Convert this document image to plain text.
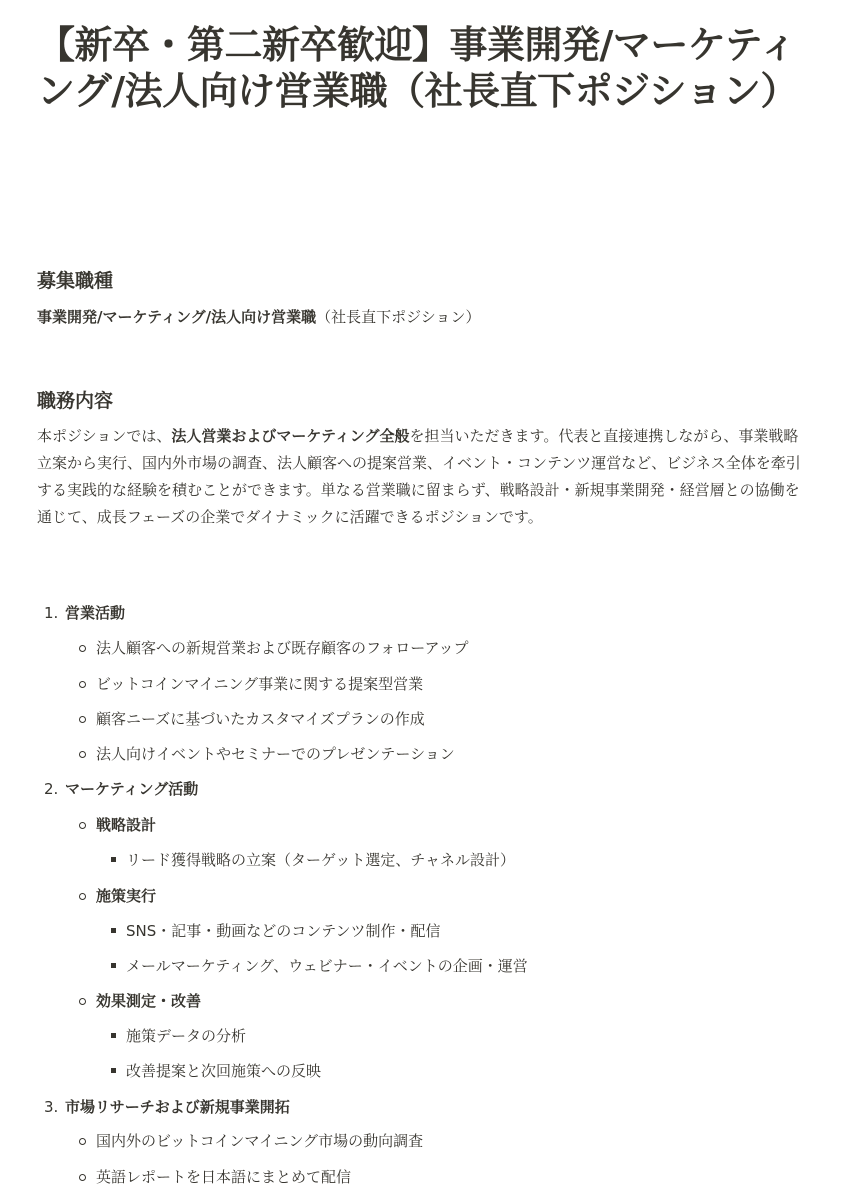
【新卒・第二新卒歓迎】事業開発/マーケティング/法人向け営業職（社長直下ポジション）
募集職種
事業開発/マーケティング/法人向け営業職（社長直下ポジション）
職務内容
本ポジションでは、法人営業およびマーケティング全般を担当いただきます。代表と直接連携しながら、事業戦略立案から実行、国内外市場の調査、法人顧客への提案営業、イベント・コンテンツ運営など、ビジネス全体を牽引する実践的な経験を積むことができます。単なる営業職に留まらず、戦略設計・新規事業開発・経営層との協働を通じて、成長フェーズの企業でダイナミックに活躍できるポジションです。
1. 営業活動
法人顧客への新規営業および既存顧客のフォローアップ
ビットコインマイニング事業に関する提案型営業
顧客ニーズに基づいたカスタマイズプランの作成
法人向けイベントやセミナーでのプレゼンテーション
2. マーケティング活動
戦略設計
リード獲得戦略の立案（ターゲット選定、チャネル設計）
施策実行
SNS・記事・動画などのコンテンツ制作・配信
メールマーケティング、ウェビナー・イベントの企画・運営
効果測定・改善
施策データの分析
改善提案と次回施策への反映
3. 市場リサーチおよび新規事業開拓
国内外のビットコインマイニング市場の動向調査
英語レポートを日本語にまとめて配信
